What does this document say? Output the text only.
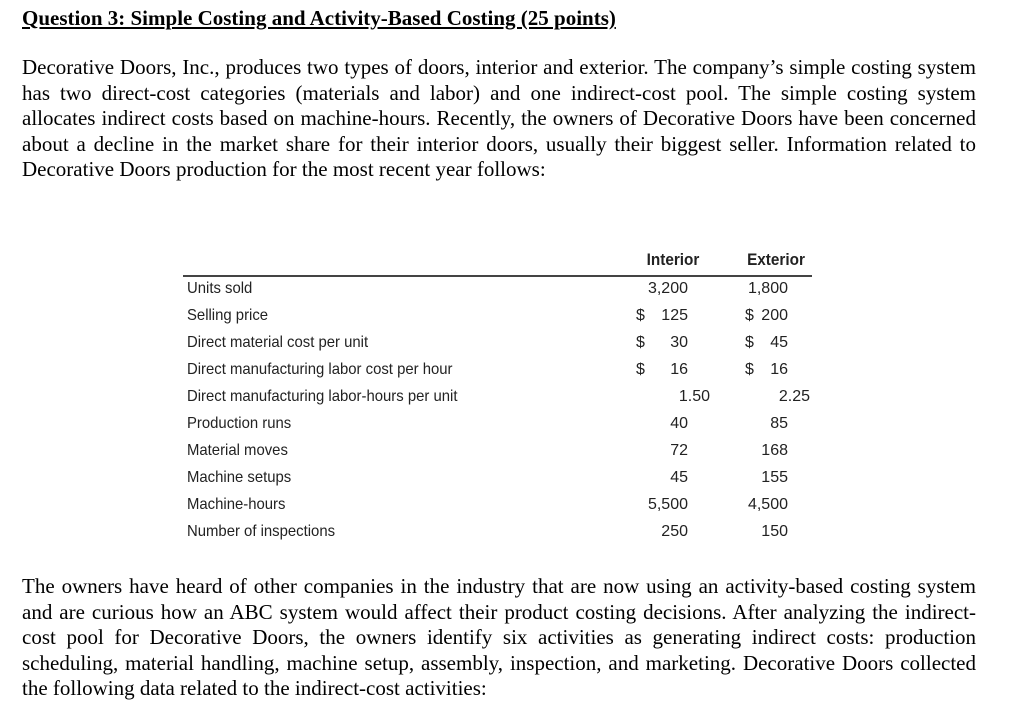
Question 3: Simple Costing and Activity-Based Costing (25 points)

Decorative Doors, Inc., produces two types of doors, interior and exterior. The company’s simple costing system has two direct-cost categories (materials and labor) and one indirect-cost pool. The simple costing system allocates indirect costs based on machine-hours. Recently, the owners of Decorative Doors have been concerned about a decline in the market share for their interior doors, usually their biggest seller. Information related to Decorative Doors production for the most recent year follows:

Interior	Exterior
Units sold	3,200	1,800
Selling price	$	125	$ 200
Direct material cost per unit	$	30	$	45
Direct manufacturing labor cost per hour	$	16	$	16
Direct manufacturing labor-hours per unit	1.50	2.25
Production runs	40	85
Material moves	72	168
Machine setups	45	155
Machine-hours	5,500	4,500
Number of inspections	250	150

The owners have heard of other companies in the industry that are now using an activity-based costing system and are curious how an ABC system would affect their product costing decisions. After analyzing the indirect-cost pool for Decorative Doors, the owners identify six activities as generating indirect costs: production scheduling, material handling, machine setup, assembly, inspection, and marketing. Decorative Doors collected the following data related to the indirect-cost activities:
